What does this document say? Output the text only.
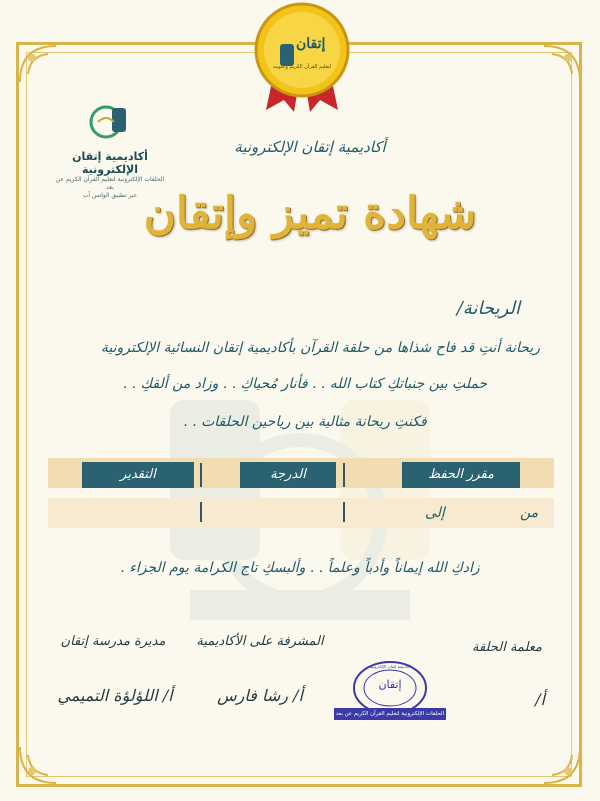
إتقان
لتعليم القرآن الكريم وعلومه
أكاديمية إتقان الإلكترونية
الحلقات الإلكترونية لتعليم القرآن الكريم عن بعد
عبر تطبيق الواتس آب
أكاديمية إتقان الإلكترونية
شهادة تميز وإتقان
الريحانة/
ريحانة أنتِ قد فاح شذاها من حلقة القرآن بأكاديمية إتقان النسائية الإلكترونية
حملتِ بين جنباتكِ كتاب الله . . فأنار مُحياكِ . . وزاد من ألقكِ . .
فكنتِ ريحانة مثالية بين رياحين الحلقات . .
مقرر الحفظ
الدرجة
التقدير
من
إلى
زادكِ الله إيماناً وأدباً وعلماً . . وألبسكِ تاج الكرامة يوم الجزاء .
معلمة الحلقة
المشرفة على الأكاديمية
مديرة مدرسة إتقان
أ/
أ/ رشا فارس
أ/ اللؤلؤة التميمي
إتقان
أكاديمية إتقان الإلكترونية
الحلقات الإلكترونية لتعليم القرآن الكريم عن بعد
